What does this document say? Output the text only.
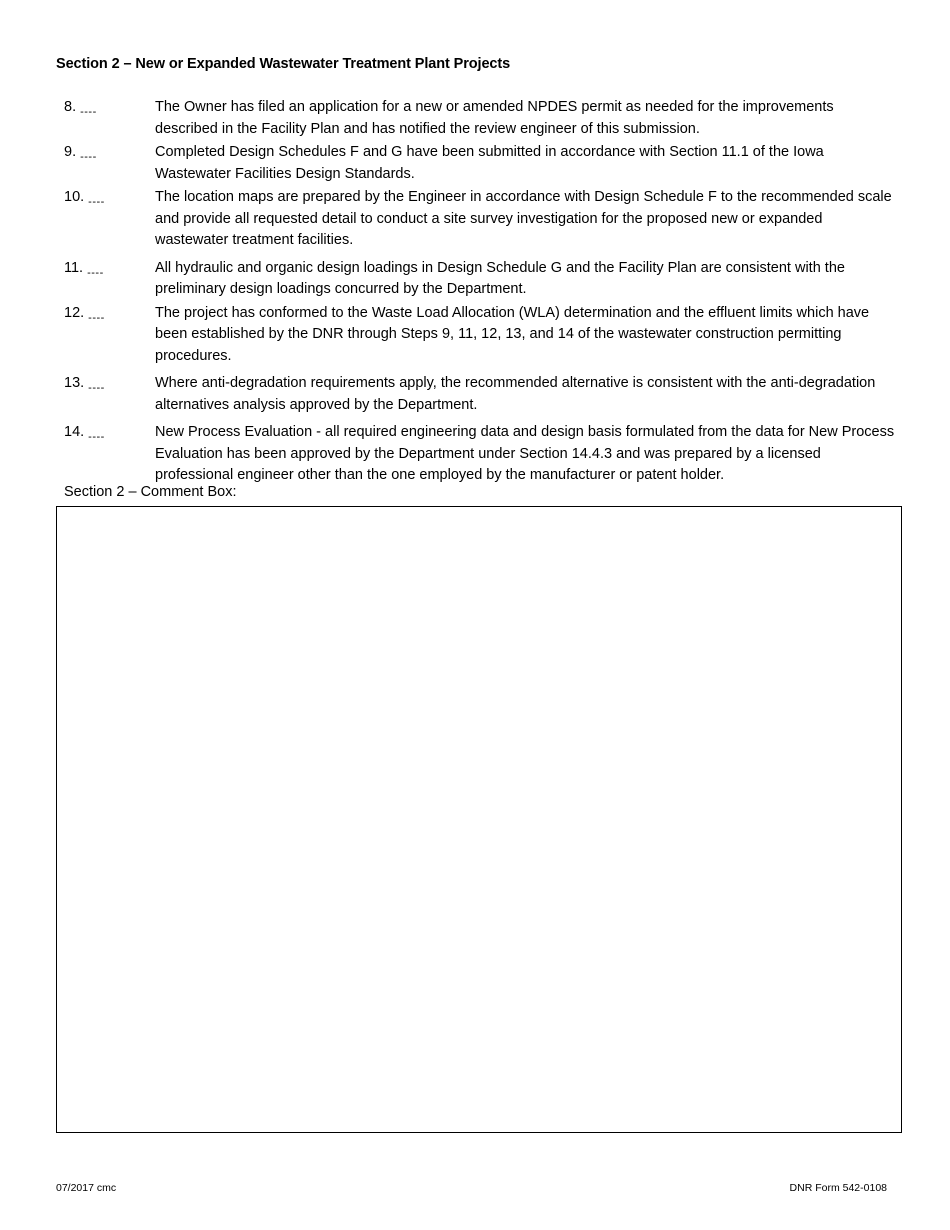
Section 2 – New or Expanded Wastewater Treatment Plant Projects
8. $_{----}$	The Owner has filed an application for a new or amended NPDES permit as needed for the improvements described in the Facility Plan and has notified the review engineer of this submission.
9. $_{----}$	Completed Design Schedules F and G have been submitted in accordance with Section 11.1 of the Iowa Wastewater Facilities Design Standards.
10. $_{----}$	The location maps are prepared by the Engineer in accordance with Design Schedule F to the recommended scale and provide all requested detail to conduct a site survey investigation for the proposed new or expanded wastewater treatment facilities.
11. $_{----}$	All hydraulic and organic design loadings in Design Schedule G and the Facility Plan are consistent with the preliminary design loadings concurred by the Department.
12. $_{----}$	The project has conformed to the Waste Load Allocation (WLA) determination and the effluent limits which have been established by the DNR through Steps 9, 11, 12, 13, and 14 of the wastewater construction permitting procedures.
13. $_{----}$	Where anti-degradation requirements apply, the recommended alternative is consistent with the anti-degradation alternatives analysis approved by the Department.
14. $_{----}$	New Process Evaluation - all required engineering data and design basis formulated from the data for New Process Evaluation has been approved by the Department under Section 14.4.3 and was prepared by a licensed professional engineer other than the one employed by the manufacturer or patent holder.
Section 2 – Comment Box:
07/2017 cmc	DNR Form 542-0108
